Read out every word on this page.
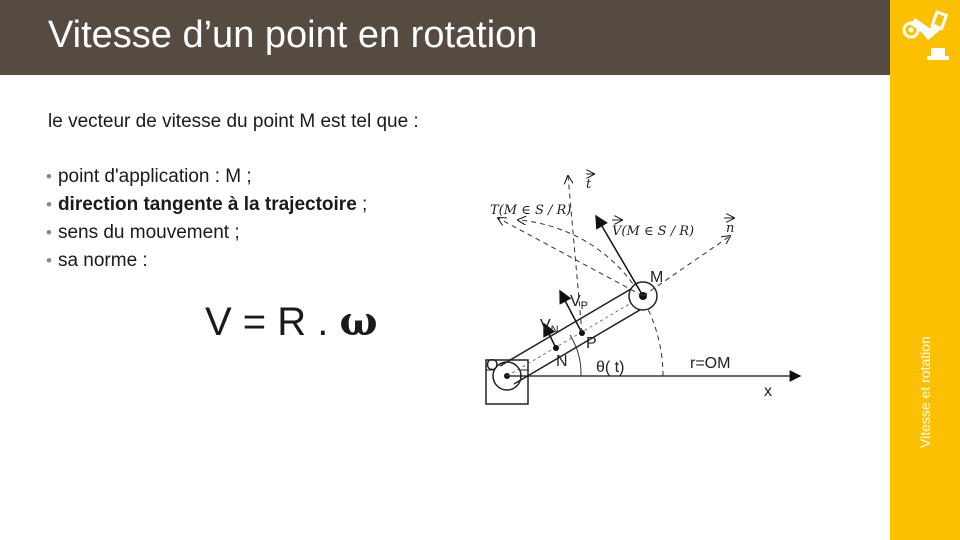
Vitesse d’un point en rotation
Vitesse et rotation
le vecteur de vitesse du point M est tel que :
• point d'application : M ;
• direction tangente à la trajectoire ;
• sens du mouvement ;
• sa norme :
V = R . ω
t
T(M ∈ S / R)
V(M ∈ S / R) n
M
VP
VN
P
N
O	θ( t)	r=OM
x
